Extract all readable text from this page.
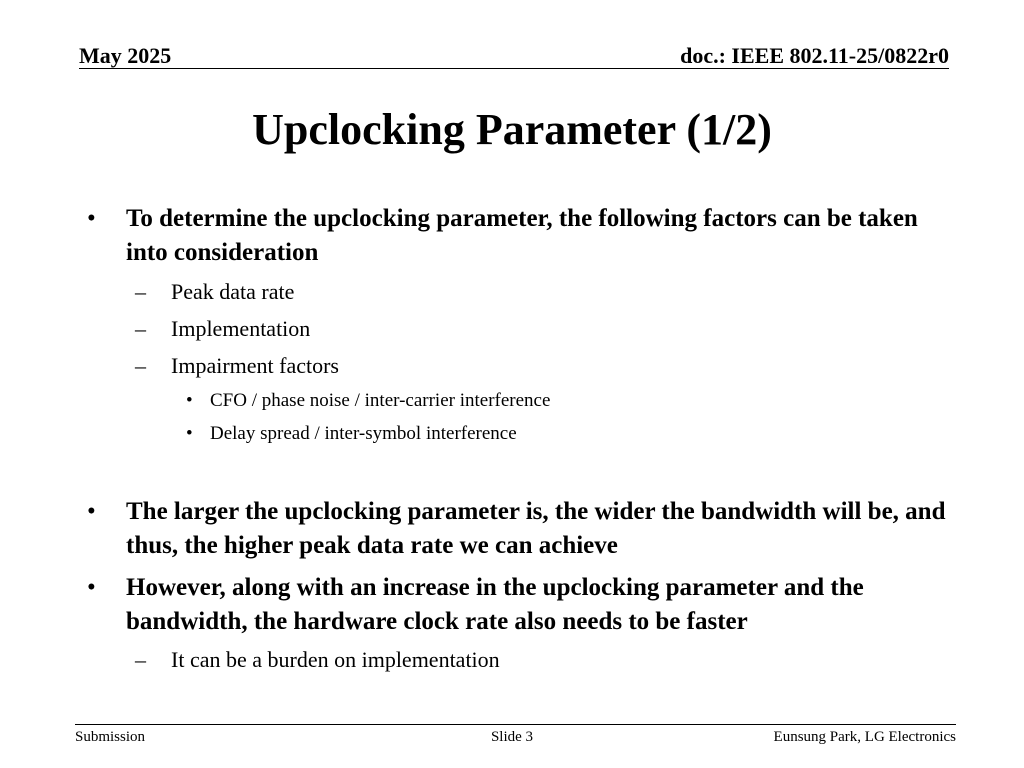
May 2025	doc.: IEEE 802.11-25/0822r0
Upclocking Parameter (1/2)
• To determine the upclocking parameter, the following factors can be taken into consideration
– Peak data rate
– Implementation
– Impairment factors
• CFO / phase noise / inter-carrier interference
• Delay spread / inter-symbol interference
• The larger the upclocking parameter is, the wider the bandwidth will be, and thus, the higher peak data rate we can achieve
• However, along with an increase in the upclocking parameter and the bandwidth, the hardware clock rate also needs to be faster
– It can be a burden on implementation
Submission	Slide 3	Eunsung Park, LG Electronics
